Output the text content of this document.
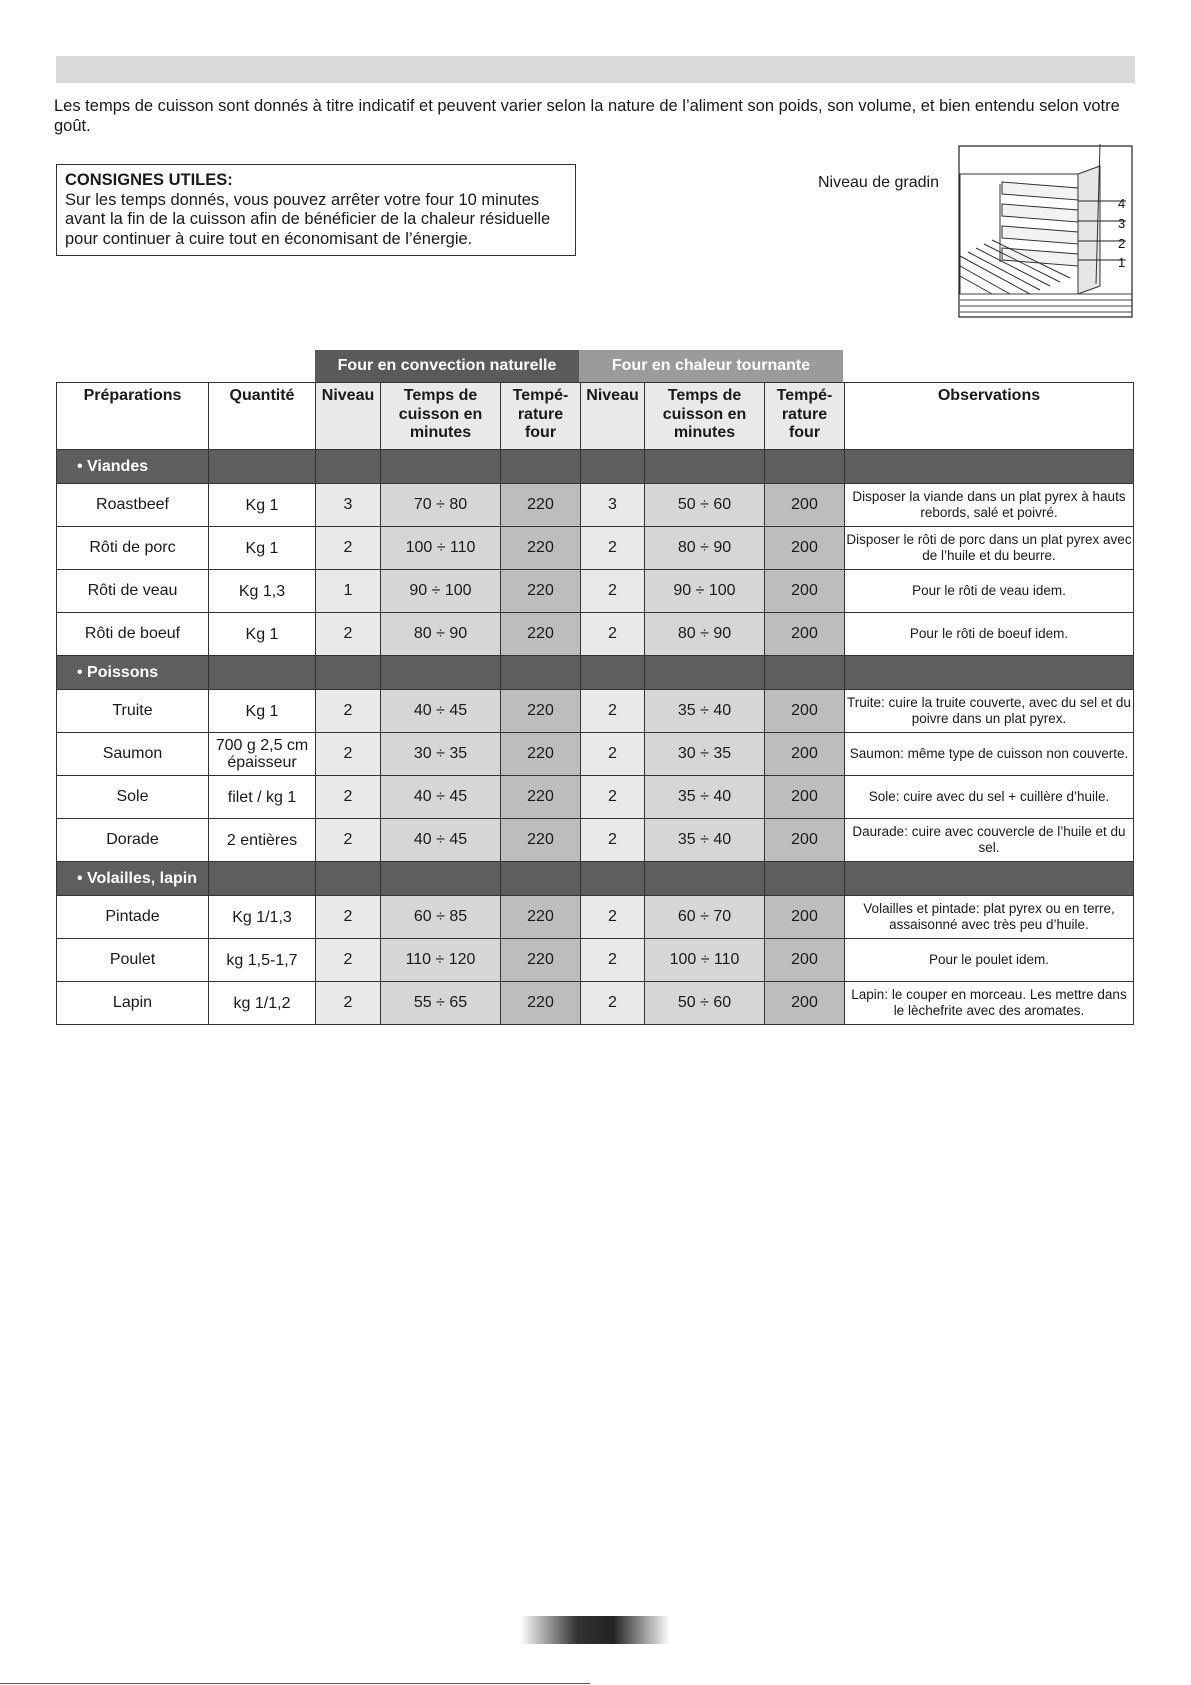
Les temps de cuisson sont donnés à titre indicatif et peuvent varier selon la nature de l’aliment son poids, son volume, et bien entendu selon votre goût.

CONSIGNES UTILES:
Sur les temps donnés, vous pouvez arrêter votre four 10 minutes avant la fin de la cuisson afin de bénéficier de la chaleur résiduelle pour continuer à cuire tout en économisant de l’énergie.
Niveau de gradin
4
3
2
1
Four en convection naturelle	Four en chaleur tournante
Préparations	Quantité	Niveau	Temps de cuisson en minutes	Tempé-rature four	Niveau	Temps de cuisson en minutes	Tempé-rature four	Observations
• Viandes								
Roastbeef	Kg 1	3	70 ÷ 80	220	3	50 ÷ 60	200	Disposer la viande dans un plat pyrex à hauts rebords, salé et poivré.
Rôti de porc	Kg 1	2	100 ÷ 110	220	2	80 ÷ 90	200	Disposer le rôti de porc dans un plat pyrex avec de l’huile et du beurre.
Rôti de veau	Kg 1,3	1	90 ÷ 100	220	2	90 ÷ 100	200	Pour le rôti de veau idem.
Rôti de boeuf	Kg 1	2	80 ÷ 90	220	2	80 ÷ 90	200	Pour le rôti de boeuf idem.
• Poissons								
Truite	Kg 1	2	40 ÷ 45	220	2	35 ÷ 40	200	Truite: cuire la truite couverte, avec du sel et du poivre dans un plat pyrex.
Saumon	700 g 2,5 cm épaisseur	2	30 ÷ 35	220	2	30 ÷ 35	200	Saumon: même type de cuisson non couverte.
Sole	filet / kg 1	2	40 ÷ 45	220	2	35 ÷ 40	200	Sole: cuire avec du sel + cuillère d’huile.
Dorade	2 entières	2	40 ÷ 45	220	2	35 ÷ 40	200	Daurade: cuire avec couvercle de l’huile et du sel.
• Volailles, lapin								
Pintade	Kg 1/1,3	2	60 ÷ 85	220	2	60 ÷ 70	200	Volailles et pintade: plat pyrex ou en terre, assaisonné avec très peu d’huile.
Poulet	kg 1,5-1,7	2	110 ÷ 120	220	2	100 ÷ 110	200	Pour le poulet idem.
Lapin	kg 1/1,2	2	55 ÷ 65	220	2	50 ÷ 60	200	Lapin: le couper en morceau. Les mettre dans le lèchefrite avec des aromates.
